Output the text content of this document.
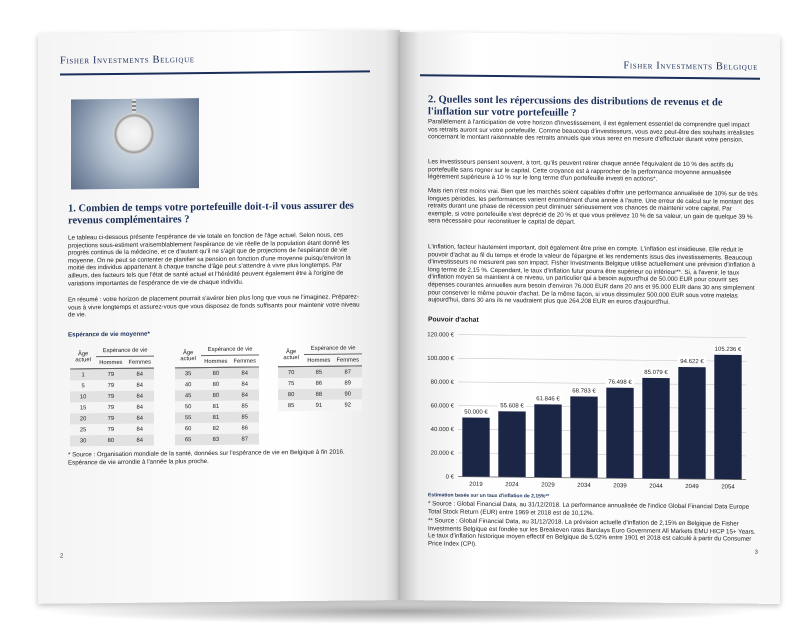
Fisher Investments Belgique
1. Combien de temps votre portefeuille doit-t-il vous assurer des revenus complémentaires ?
Le tableau ci-dessous présente l'espérance de vie totale en fonction de l'âge actuel. Selon nous, ces projections sous-estiment vraisemblablement l'espérance de vie réelle de la population étant donné les progrès continus de la médecine, et ce d'autant qu'il ne s'agit que de projections de l'espérance de vie moyenne. On ne peut se contenter de planifier sa pension en fonction d'une moyenne puisqu'environ la moitié des individus appartenant à chaque tranche d'âge peut s'attendre à vivre plus longtemps. Par ailleurs, des facteurs tels que l'état de santé actuel et l'hérédité peuvent également être à l'origine de variations importantes de l'espérance de vie de chaque individu.
En résumé : votre horizon de placement pourrait s'avérer bien plus long que vous ne l'imaginez. Préparez-vous à vivre longtemps et assurez-vous que vous disposez de fonds suffisants pour maintenir votre niveau de vie.
Espérance de vie moyenne*
Âge actuel	Espérance de vie	
	Hommes	Femmes
1	79	84
5	79	84
10	79	84
15	79	84
20	79	84
25	79	84
30	80	84
Âge actuel	Espérance de vie	
	Hommes	Femmes
35	80	84
40	80	84
45	80	84
50	81	85
55	81	85
60	82	86
65	83	87
Âge actuel	Espérance de vie	
	Hommes	Femmes
70	85	87
75	86	89
80	88	90
85	91	92
* Source : Organisation mondiale de la santé, données sur l'espérance de vie en Belgique à fin 2016. Espérance de vie arrondie à l'année la plus proche.
2
Fisher Investments Belgique
2. Quelles sont les répercussions des distributions de revenus et de l'inflation sur votre portefeuille ?
Parallèlement à l'anticipation de votre horizon d'investissement, il est également essentiel de comprendre quel impact vos retraits auront sur votre portefeuille. Comme beaucoup d'investisseurs, vous avez peut-être des souhaits irréalistes concernant le montant raisonnable des retraits annuels que vous serez en mesure d'effectuer durant votre pension.
Les investisseurs pensent souvent, à tort, qu'ils peuvent retirer chaque année l'équivalent de 10 % des actifs du portefeuille sans rogner sur le capital. Cette croyance est à rapprocher de la performance moyenne annualisée légèrement supérieure à 10 % sur le long terme d'un portefeuille investi en actions*.
Mais rien n'est moins vrai. Bien que les marchés soient capables d'offrir une performance annualisée de 10% sur de très longues périodes, les performances varient énormément d'une année à l'autre. Une erreur de calcul sur le montant des retraits durant une phase de récession peut diminuer sérieusement vos chances de maintenir votre capital. Par exemple, si votre portefeuille s'est déprécié de 20 % et que vous prélevez 10 % de sa valeur, un gain de quelque 39 % sera nécessaire pour reconstituer le capital de départ.
L'inflation, facteur hautement important, doit également être prise en compte. L'inflation est insidieuse. Elle réduit le pouvoir d'achat au fil du temps et érode la valeur de l'épargne et les rendements issus des investissements. Beaucoup d'investisseurs ne mesurent pas son impact. Fisher Investments Belgique utilise actuellement une prévision d'inflation à long terme de 2,15 %. Cependant, le taux d'inflation futur pourra être supérieur ou inférieur**. Si, à l'avenir, le taux d'inflation moyen se maintient à ce niveau, un particulier qui a besoin aujourd'hui de 50.000 EUR pour couvrir ses dépenses courantes annuelles aura besoin d'environ 76.000 EUR dans 20 ans et 95.000 EUR dans 30 ans simplement pour conserver le même pouvoir d'achat. De la même façon, si vous dissimulez 500.000 EUR sous votre matelas aujourd'hui, dans 30 ans ils ne vaudraient plus que 264.208 EUR en euros d'aujourd'hui.
Pouvoir d'achat
0 €
20.000 €
40.000 €
60.000 €
80.000 €
100.000 €
120.000 €
50.000 €
2019
55.608 €
2024
61.846 €
2029
68.783 €
2034
76.498 €
2039
85.079 €
2044
94.622 €
2049
105.236 €
2054
Estimation basée sur un taux d'inflation de 2,15%**
* Source : Global Financial Data, au 31/12/2018. La performance annualisée de l'indice Global Financial Data Europe Total Stock Return (EUR) entre 1969 et 2018 est de 10,12%.
** Source : Global Financial Data, au 31/12/2018. La prévision actuelle d'inflation de 2,15% en Belgique de Fisher Investments Belgique est fondée sur les Breakeven rates Barclays Euro Government All Markets EMU HICP 15+ Years. Le taux d'inflation historique moyen effectif en Belgique de 5,02% entre 1901 et 2018 est calculé à partir du Consumer Price Index (CPI).
3
